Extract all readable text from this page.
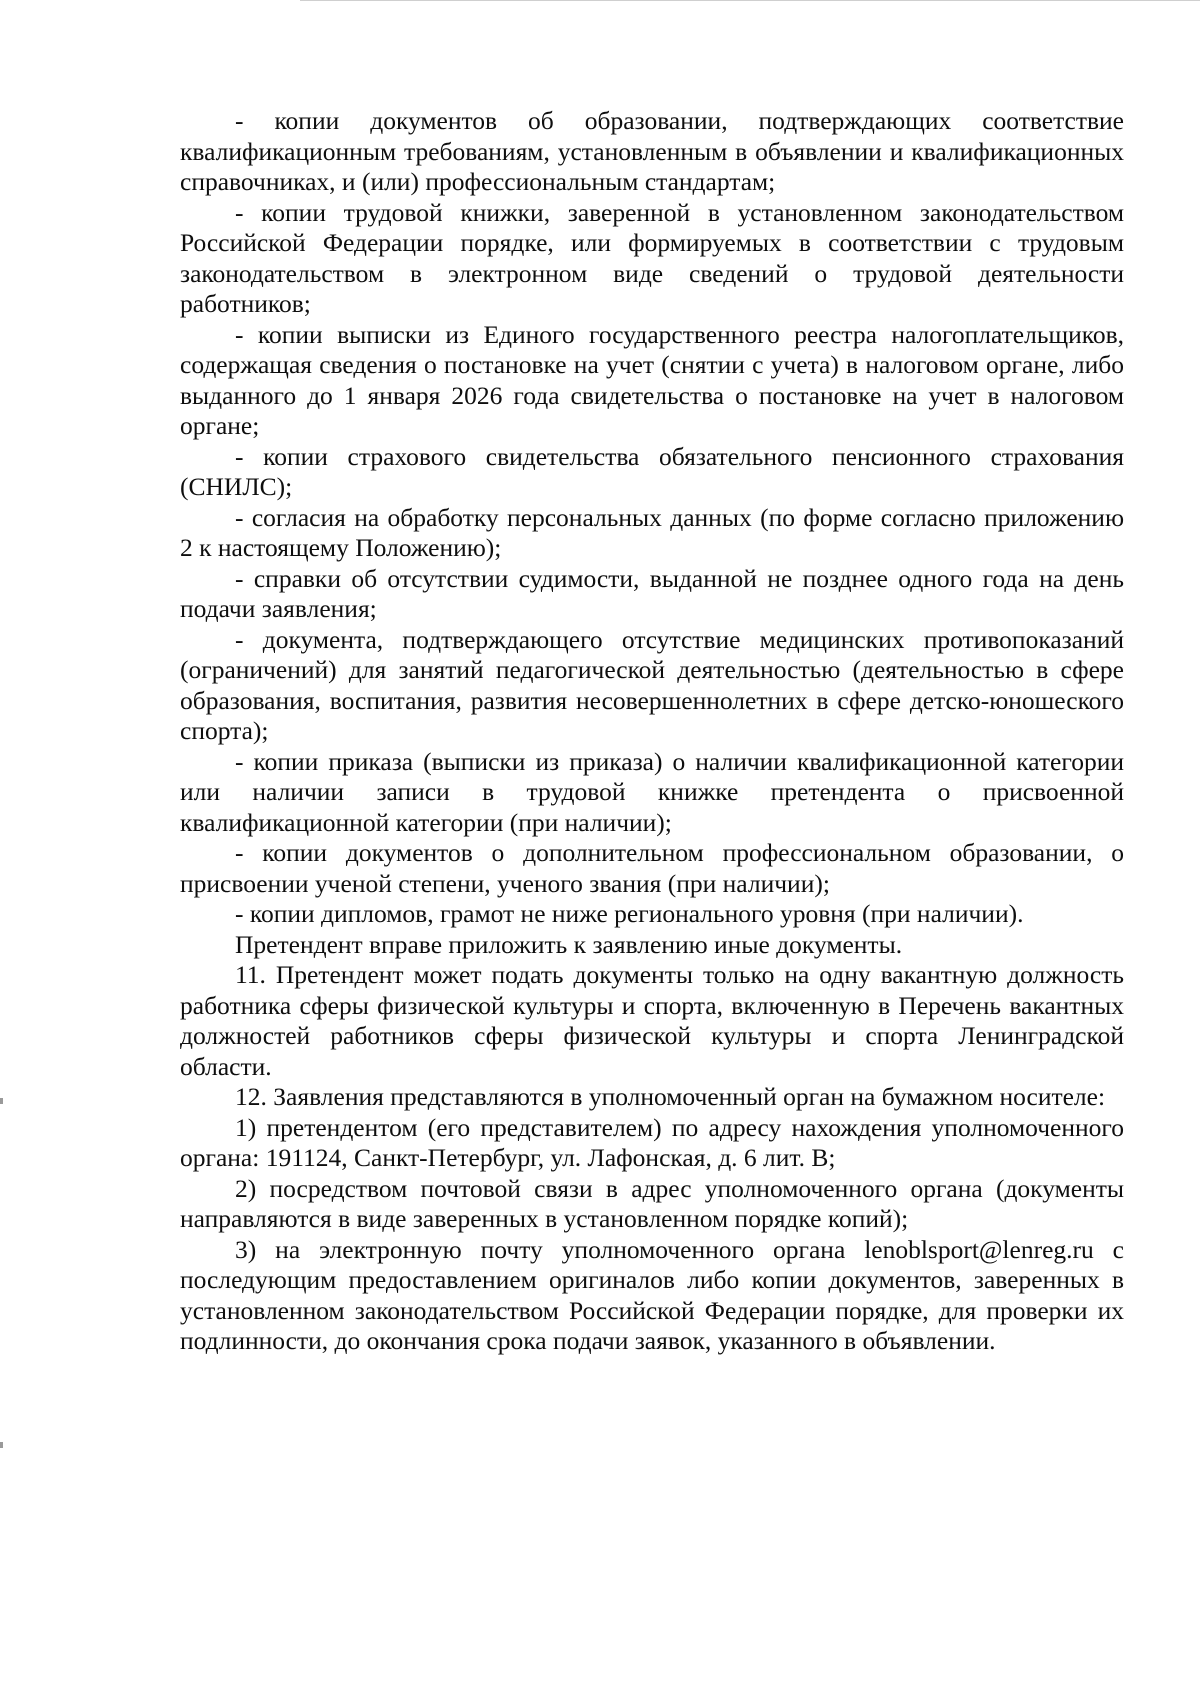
- копии документов об образовании, подтверждающих соответствие квалификационным требованиям, установленным в объявлении и квалификационных справочниках, и (или) профессиональным стандартам;

- копии трудовой книжки, заверенной в установленном законодательством Российской Федерации порядке, или формируемых в соответствии с трудовым законодательством в электронном виде сведений о трудовой деятельности работников;

- копии выписки из Единого государственного реестра налогоплательщиков, содержащая сведения о постановке на учет (снятии с учета) в налоговом органе, либо выданного до 1 января 2026 года свидетельства о постановке на учет в налоговом органе;

- копии страхового свидетельства обязательного пенсионного страхования (СНИЛС);

- согласия на обработку персональных данных (по форме согласно приложению 2 к настоящему Положению);

- справки об отсутствии судимости, выданной не позднее одного года на день подачи заявления;

- документа, подтверждающего отсутствие медицинских противопоказаний (ограничений) для занятий педагогической деятельностью (деятельностью в сфере образования, воспитания, развития несовершеннолетних в сфере детско-юношеского спорта);

- копии приказа (выписки из приказа) о наличии квалификационной категории или наличии записи в трудовой книжке претендента о присвоенной квалификационной категории (при наличии);

- копии документов о дополнительном профессиональном образовании, о присвоении ученой степени, ученого звания (при наличии);

- копии дипломов, грамот не ниже регионального уровня (при наличии).

Претендент вправе приложить к заявлению иные документы.

11. Претендент может подать документы только на одну вакантную должность работника сферы физической культуры и спорта, включенную в Перечень вакантных должностей работников сферы физической культуры и спорта Ленинградской области.

12. Заявления представляются в уполномоченный орган на бумажном носителе:

1) претендентом (его представителем) по адресу нахождения уполномоченного органа: 191124, Санкт-Петербург, ул. Лафонская, д. 6 лит. В;

2) посредством почтовой связи в адрес уполномоченного органа (документы направляются в виде заверенных в установленном порядке копий);

3) на электронную почту уполномоченного органа lenoblsport@lenreg.ru с последующим предоставлением оригиналов либо копии документов, заверенных в установленном законодательством Российской Федерации порядке, для проверки их подлинности, до окончания срока подачи заявок, указанного в объявлении.
